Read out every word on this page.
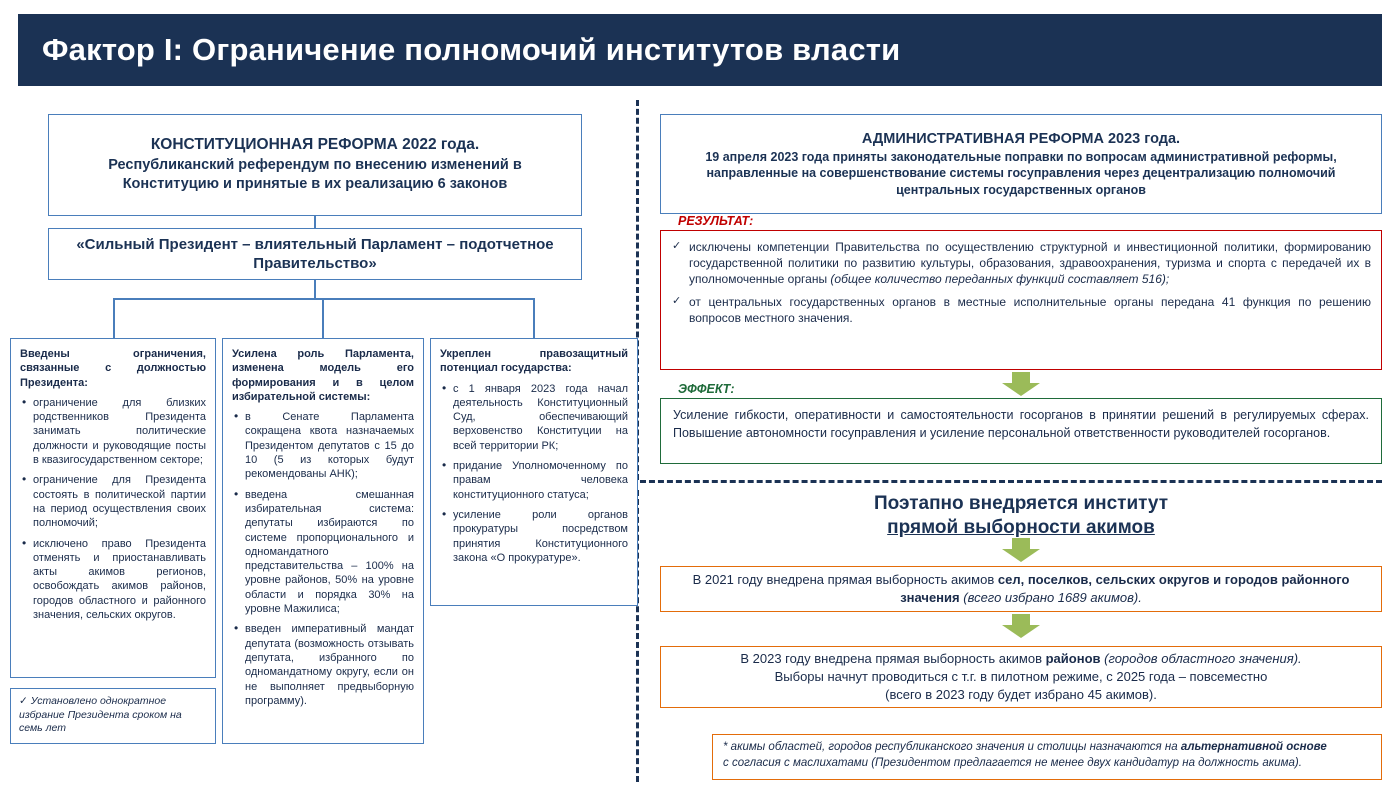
Фактор I: Ограничение полномочий институтов власти
КОНСТИТУЦИОННАЯ РЕФОРМА 2022 года.
Республиканский референдум по внесению изменений в Конституцию и принятые в их реализацию 6 законов
«Сильный Президент – влиятельный Парламент – подотчетное Правительство»
Введены ограничения, связанные с должностью Президента:
• ограничение для близких родственников Президента занимать политические должности и руководящие посты в квазигосударственном секторе;
• ограничение для Президента состоять в политической партии на период осуществления своих полномочий;
• исключено право Президента отменять и приостанавливать акты акимов регионов, освобождать акимов районов, городов областного и районного значения, сельских округов.
Усилена роль Парламента, изменена модель его формирования и в целом избирательной системы:
• в Сенате Парламента сокращена квота назначаемых Президентом депутатов с 15 до 10 (5 из которых будут рекомендованы АНК);
• введена смешанная избирательная система: депутаты избираются по системе пропорционального и одномандатного представительства – 100% на уровне районов, 50% на уровне области и порядка 30% на уровне Мажилиса;
• введен императивный мандат депутата (возможность отзывать депутата, избранного по одномандатному округу, если он не выполняет предвыборную программу).
Укреплен правозащитный потенциал государства:
• с 1 января 2023 года начал деятельность Конституционный Суд, обеспечивающий верховенство Конституции на всей территории РК;
• придание Уполномоченному по правам человека конституционного статуса;
• усиление роли органов прокуратуры посредством принятия Конституционного закона «О прокуратуре».
✓ Установлено однократное избрание Президента сроком на семь лет
АДМИНИСТРАТИВНАЯ РЕФОРМА 2023 года.
19 апреля 2023 года приняты законодательные поправки по вопросам административной реформы, направленные на совершенствование системы госуправления через децентрализацию полномочий центральных государственных органов
РЕЗУЛЬТАТ:
✓ исключены компетенции Правительства по осуществлению структурной и инвестиционной политики, формированию государственной политики по развитию культуры, образования, здравоохранения, туризма и спорта с передачей их в уполномоченные органы (общее количество переданных функций составляет 516);
✓ от центральных государственных органов в местные исполнительные органы передана 41 функция по решению вопросов местного значения.
ЭФФЕКТ:
Усиление гибкости, оперативности и самостоятельности госорганов в принятии решений в регулируемых сферах. Повышение автономности госуправления и усиление персональной ответственности руководителей госорганов.
Поэтапно внедряется институт
прямой выборности акимов
В 2021 году внедрена прямая выборность акимов сел, поселков, сельских округов и городов районного значения (всего избрано 1689 акимов).
В 2023 году внедрена прямая выборность акимов районов (городов областного значения).
Выборы начнут проводиться с т.г. в пилотном режиме, с 2025 года – повсеместно
(всего в 2023 году будет избрано 45 акимов).
* акимы областей, городов республиканского значения и столицы назначаются на альтернативной основе
с согласия с маслихатами (Президентом предлагается не менее двух кандидатур на должность акима).
